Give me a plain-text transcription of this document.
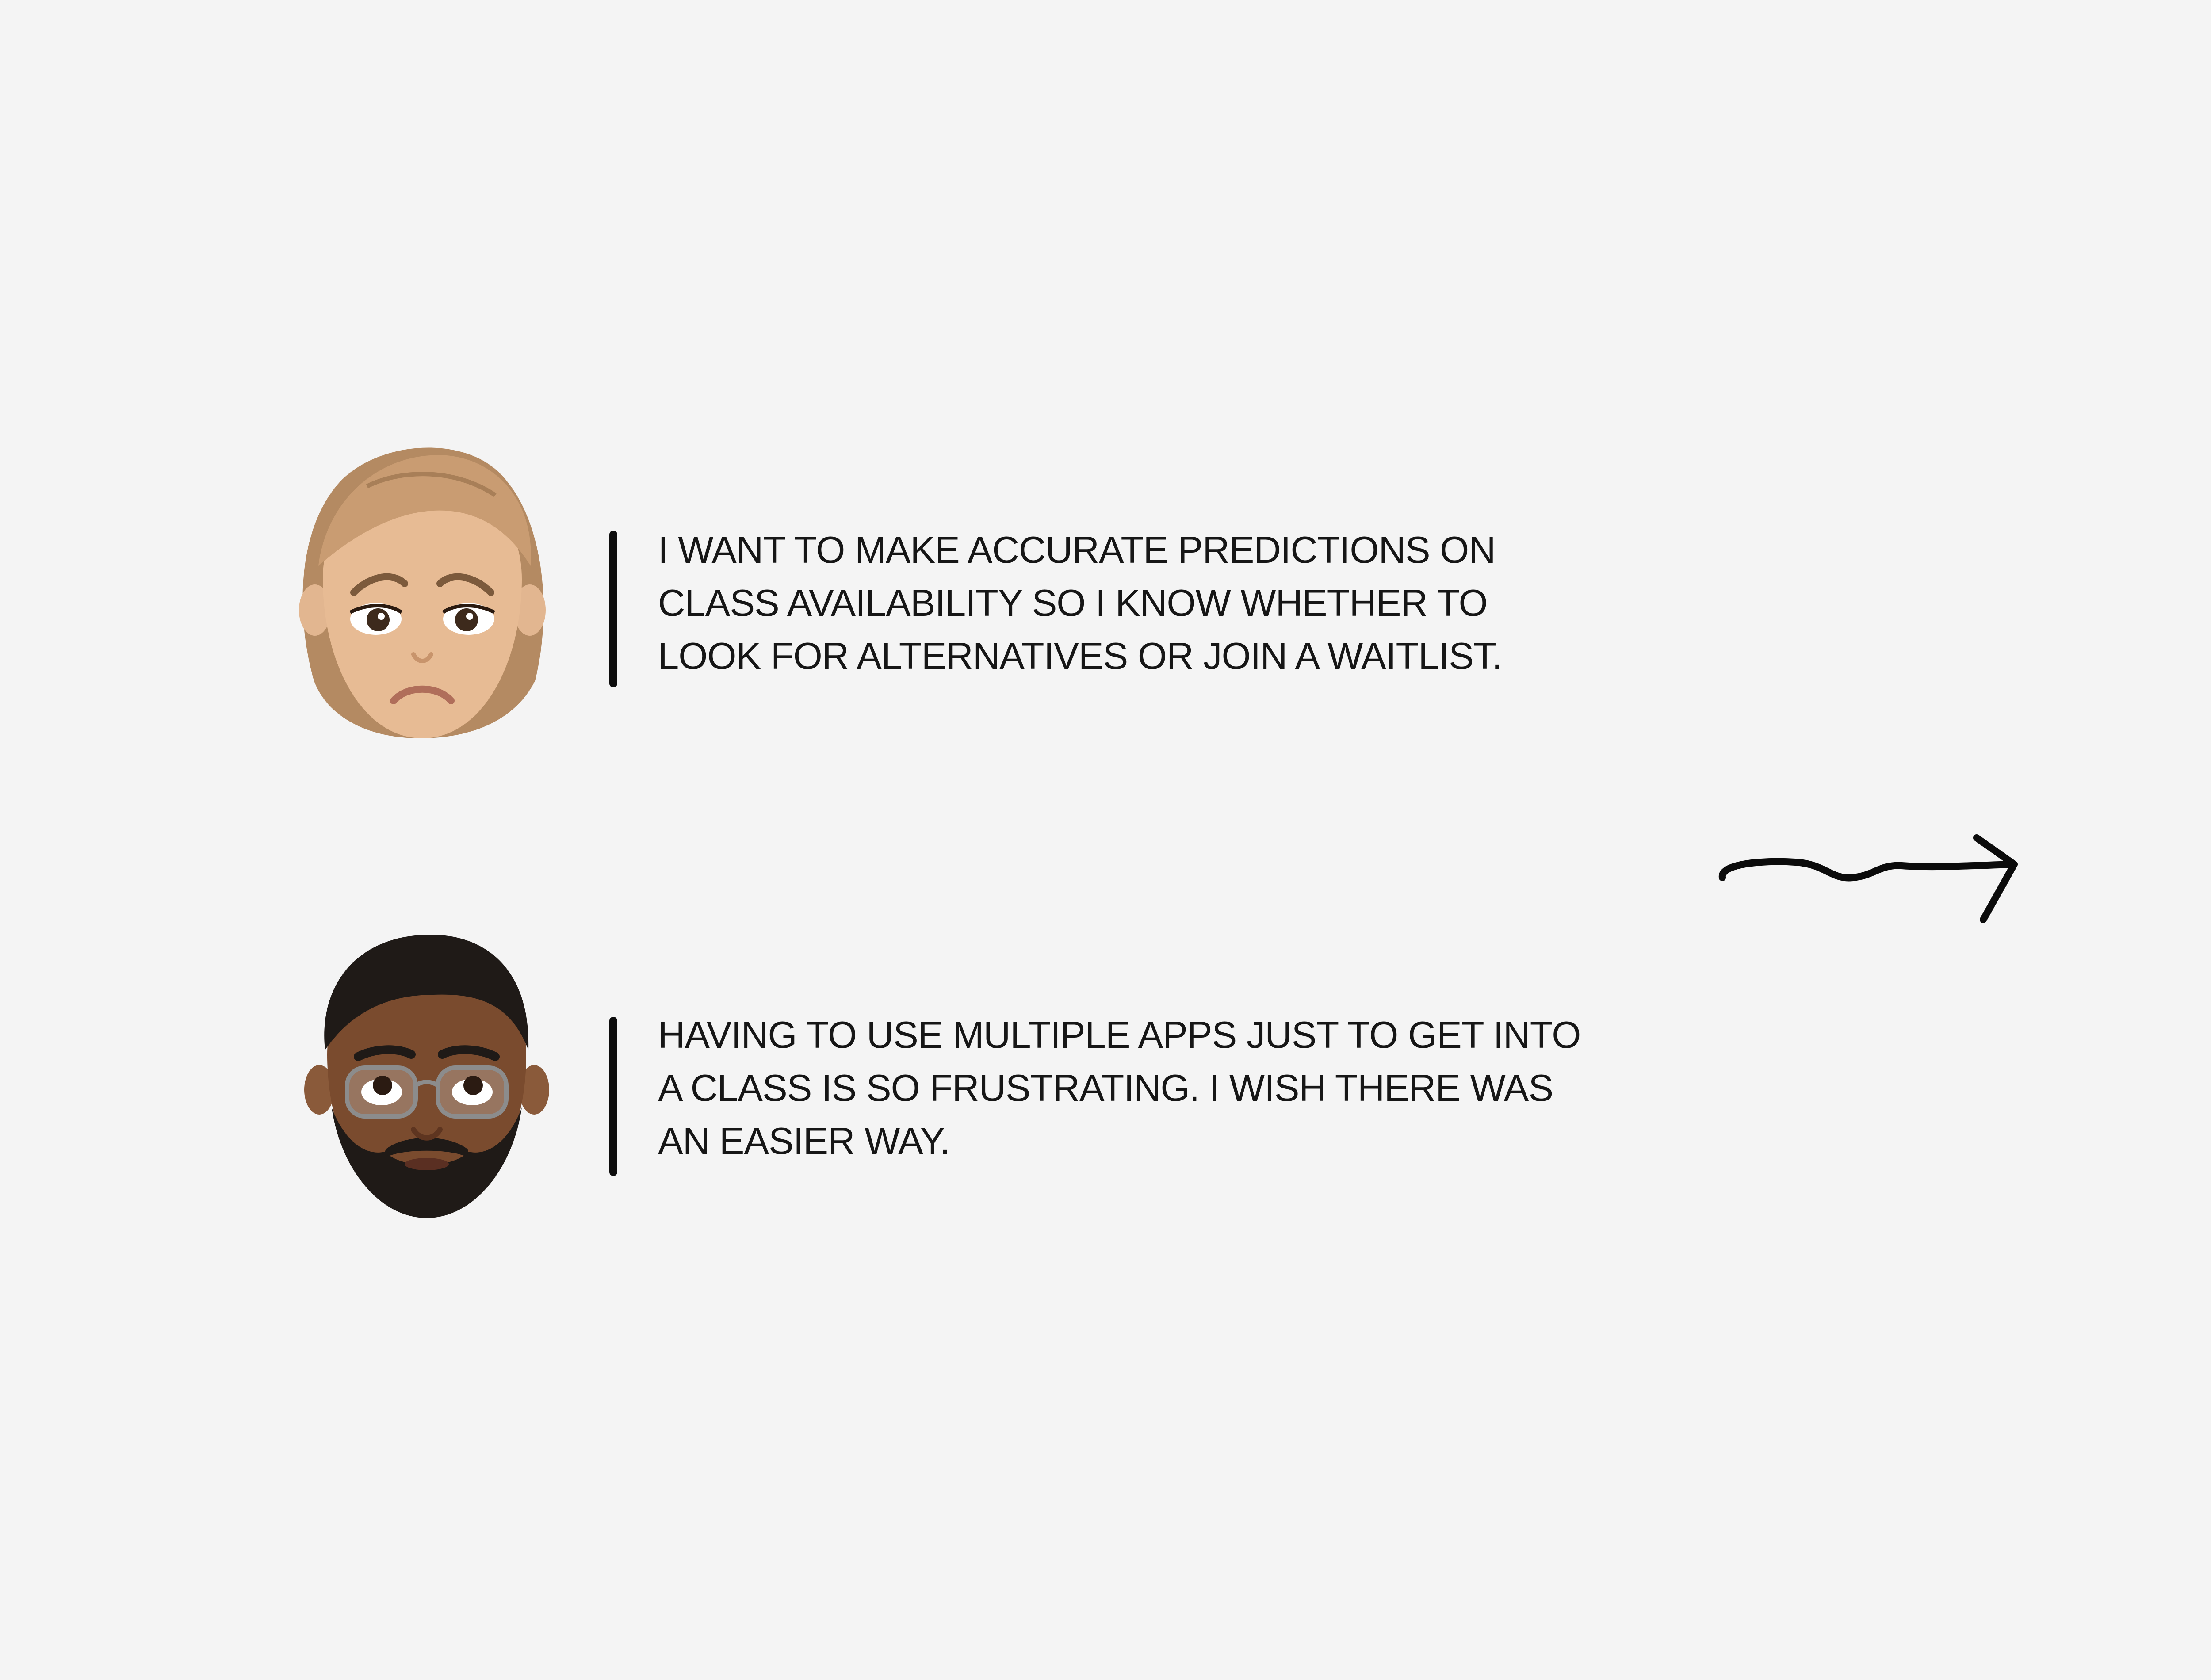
I WANT TO MAKE ACCURATE PREDICTIONS ON
CLASS AVAILABILITY SO I KNOW WHETHER TO
LOOK FOR ALTERNATIVES OR JOIN A WAITLIST.
HAVING TO USE MULTIPLE APPS JUST TO GET INTO
A CLASS IS SO FRUSTRATING. I WISH THERE WAS
AN EASIER WAY.
